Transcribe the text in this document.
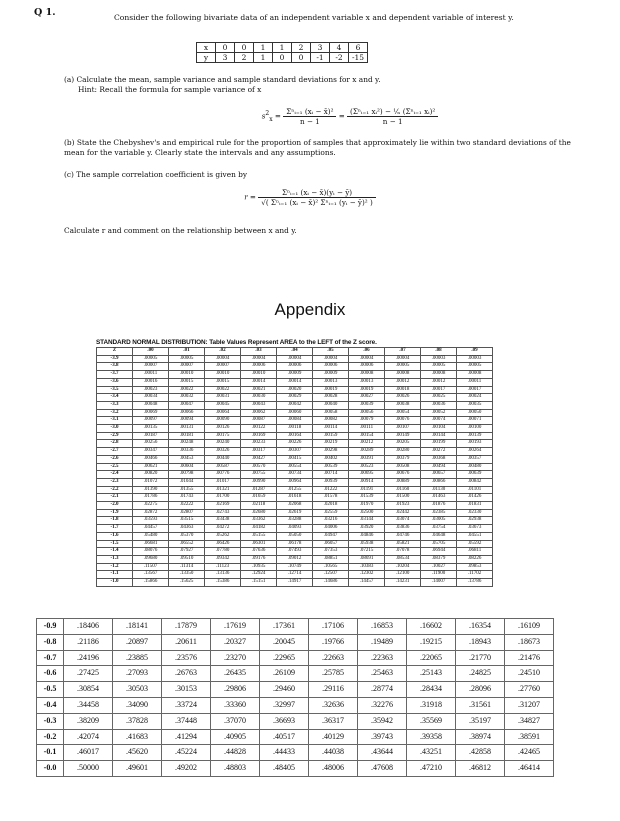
Q 1.	Consider the following bivariate data of an independent variable x and dependent variable of interest y.
x	0	0	1	1	2	3	4	6
y	3	2	1	0	0	-1	-2	-15
(a) Calculate the mean, sample variance and sample standard deviations for x and y.
Hint: Recall the formula for sample variance of x
$s^2_x = \frac{\text{Σⁿᵢ₌₁ (xᵢ − x̄)²}}{n - 1} = \frac{\text{(Σⁿᵢ₌₁ xᵢ²) − ¹⁄ₙ (Σⁿᵢ₌₁ xᵢ)²}}{n - 1}$
(b) State the Chebyshev's and empirical rule for the proportion of samples that approximately lie within two standard deviations of the mean for the variable y. Clearly state the intervals and any assumptions.
(c) The sample correlation coefficient is given by
$r = \frac{\text{Σⁿᵢ₌₁ (xᵢ − x̄)(yᵢ − ȳ)}}{\text{√( Σⁿᵢ₌₁ (xᵢ − x̄)² Σⁿᵢ₌₁ (yᵢ − ȳ)² )}}$
Calculate r and comment on the relationship between x and y.
Appendix
STANDARD NORMAL DISTRIBUTION: Table Values Represent AREA to the LEFT of the Z score.
Z	.00	.01	.02	.03	.04	.05	.06	.07	.08	.09
-3.9	.00005	.00005	.00004	.00004	.00004	.00004	.00004	.00004	.00003	.00003
-3.8	.00007	.00007	.00007	.00006	.00006	.00006	.00006	.00005	.00005	.00005
-3.7	.00011	.00010	.00010	.00010	.00009	.00009	.00008	.00008	.00008	.00008
-3.6	.00016	.00015	.00015	.00014	.00014	.00013	.00013	.00012	.00012	.00011
-3.5	.00023	.00022	.00022	.00021	.00020	.00019	.00019	.00018	.00017	.00017
-3.4	.00034	.00032	.00031	.00030	.00029	.00028	.00027	.00026	.00025	.00024
-3.3	.00048	.00047	.00045	.00043	.00042	.00040	.00039	.00038	.00036	.00035
-3.2	.00069	.00066	.00064	.00062	.00060	.00058	.00056	.00054	.00052	.00050
-3.1	.00097	.00094	.00090	.00087	.00084	.00082	.00079	.00076	.00074	.00071
-3.0	.00135	.00131	.00126	.00122	.00118	.00114	.00111	.00107	.00104	.00100
-2.9	.00187	.00181	.00175	.00169	.00164	.00159	.00154	.00149	.00144	.00139
-2.8	.00256	.00248	.00240	.00233	.00226	.00219	.00212	.00205	.00199	.00193
-2.7	.00347	.00336	.00326	.00317	.00307	.00298	.00289	.00280	.00272	.00264
-2.6	.00466	.00453	.00440	.00427	.00415	.00402	.00391	.00379	.00368	.00357
-2.5	.00621	.00604	.00587	.00570	.00554	.00539	.00523	.00508	.00494	.00480
-2.4	.00820	.00798	.00776	.00755	.00734	.00714	.00695	.00676	.00657	.00639
-2.3	.01072	.01044	.01017	.00990	.00964	.00939	.00914	.00889	.00866	.00842
-2.2	.01390	.01355	.01321	.01287	.01255	.01222	.01191	.01160	.01130	.01101
-2.1	.01786	.01743	.01700	.01659	.01618	.01578	.01539	.01500	.01463	.01426
-2.0	.02275	.02222	.02169	.02118	.02068	.02018	.01970	.01923	.01876	.01831
-1.9	.02872	.02807	.02743	.02680	.02619	.02559	.02500	.02442	.02385	.02330
-1.8	.03593	.03515	.03438	.03362	.03288	.03216	.03144	.03074	.03005	.02938
-1.7	.04457	.04363	.04272	.04182	.04093	.04006	.03920	.03836	.03754	.03673
-1.6	.05480	.05370	.05262	.05155	.05050	.04947	.04846	.04746	.04648	.04551
-1.5	.06681	.06552	.06426	.06301	.06178	.06057	.05938	.05821	.05705	.05592
-1.4	.08076	.07927	.07780	.07636	.07493	.07353	.07215	.07078	.06944	.06811
-1.3	.09680	.09510	.09342	.09176	.09012	.08851	.08691	.08534	.08379	.08226
-1.2	.11507	.11314	.11123	.10935	.10749	.10565	.10383	.10204	.10027	.09853
-1.1	.13567	.13350	.13136	.12924	.12714	.12507	.12302	.12100	.11900	.11702
-1.0	.15866	.15625	.15386	.15151	.14917	.14686	.14457	.14231	.14007	.13786
-0.9	.18406	.18141	.17879	.17619	.17361	.17106	.16853	.16602	.16354	.16109
-0.8	.21186	.20897	.20611	.20327	.20045	.19766	.19489	.19215	.18943	.18673
-0.7	.24196	.23885	.23576	.23270	.22965	.22663	.22363	.22065	.21770	.21476
-0.6	.27425	.27093	.26763	.26435	.26109	.25785	.25463	.25143	.24825	.24510
-0.5	.30854	.30503	.30153	.29806	.29460	.29116	.28774	.28434	.28096	.27760
-0.4	.34458	.34090	.33724	.33360	.32997	.32636	.32276	.31918	.31561	.31207
-0.3	.38209	.37828	.37448	.37070	.36693	.36317	.35942	.35569	.35197	.34827
-0.2	.42074	.41683	.41294	.40905	.40517	.40129	.39743	.39358	.38974	.38591
-0.1	.46017	.45620	.45224	.44828	.44433	.44038	.43644	.43251	.42858	.42465
-0.0	.50000	.49601	.49202	.48803	.48405	.48006	.47608	.47210	.46812	.46414
